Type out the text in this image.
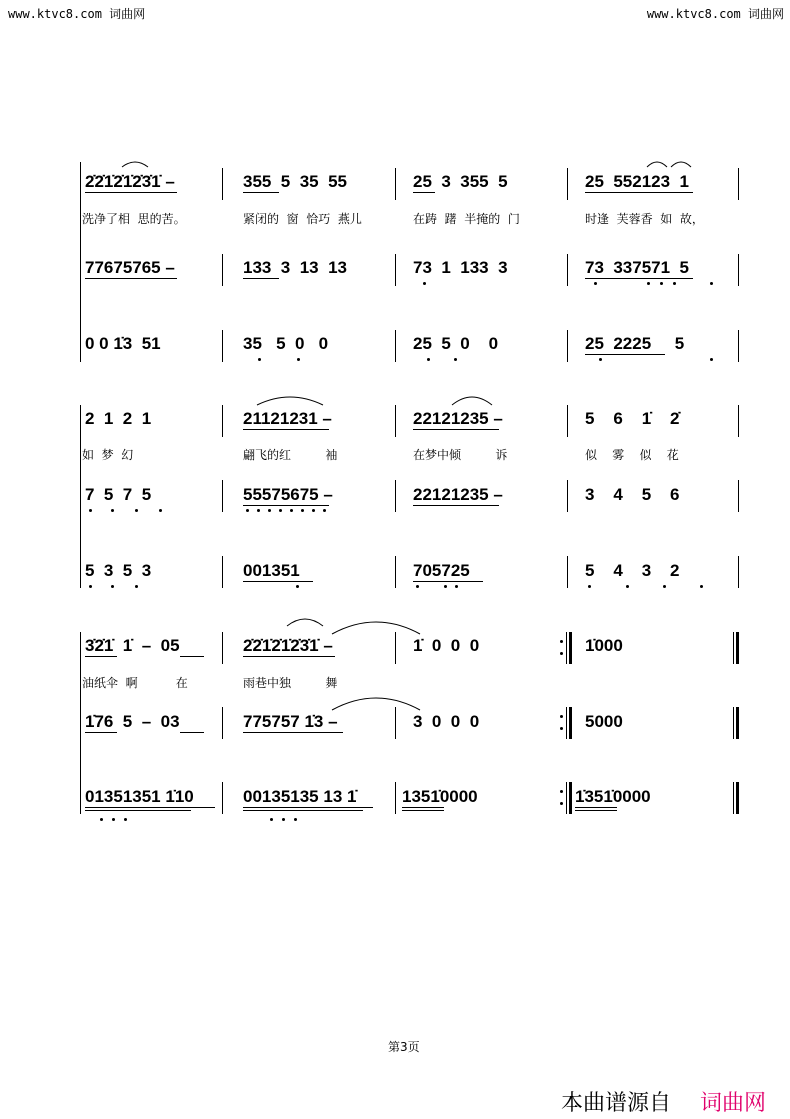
www.ktvc8.com 词曲网	www.ktvc8.com 词曲网
2̇2̇1̇2̇1̇2̇3̇1̇ –
洗净了相  思的苦。
77675765 –
0 0 1̇3  51
355  5  35  55
紧闭的  窗  恰巧  燕儿
133  3  13  13
35   5  0   0
25  3  355  5
在踌  躇  半掩的  门
73  1  133  3
25  5  0    0
25  552123  1
时逢  芙蓉香  如  故，
73  337571  5
25  2225     5
2  1  2  1
如  梦  幻
7  5  7  5
5  3  5  3
21121231 –
翩飞的红         袖
55575675 –
001351
22121235 –
在梦中倾         诉
22121235 –
705725
5    6    1̇    2̇
似    雾    似    花
3    4    5    6
5    4    3    2
3̇2̇1̇  1̇  –  05
油纸伞  啊          在
1̇76  5  –  03
01351351 1̇10
2̇2̇1̇2̇1̇2̇3̇1̇ –
雨巷中独         舞
775757 1̇3 –
00135135 13 1̇
1̇  0  0  0
3  0  0  0
1351̇0000
1̇000
5000
1̇351̇0000
第3页
本曲谱源自 词曲网
